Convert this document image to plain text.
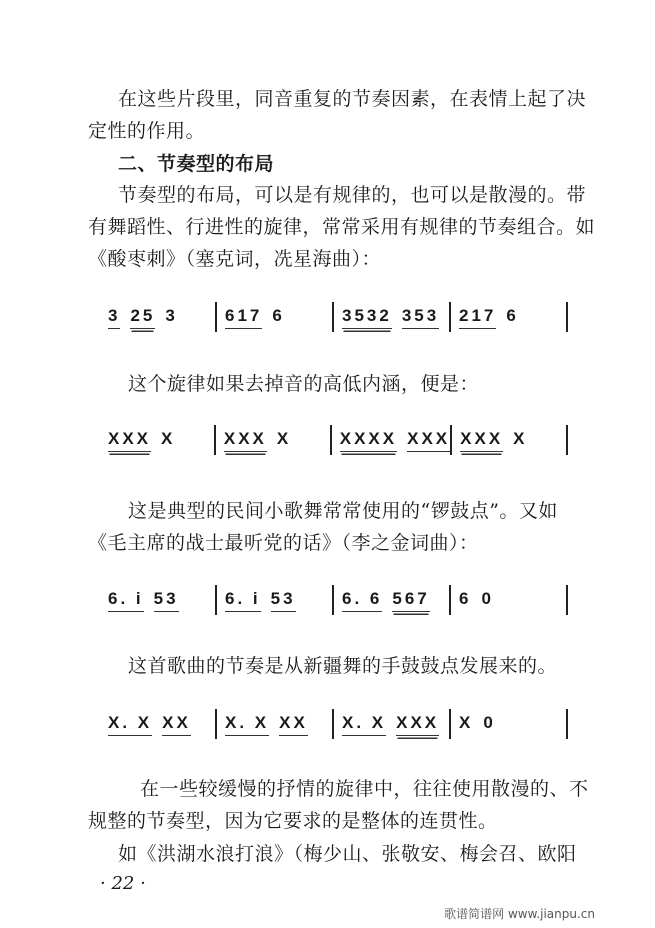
在这些片段里，同音重复的节奏因素，在表情上起了决
定性的作用。
二、节奏型的布局
节奏型的布局，可以是有规律的，也可以是散漫的。带
有舞蹈性、行进性的旋律，常常采用有规律的节奏组合。如
《酸枣刺》（塞克词，冼星海曲）：
3 25 3	617 6	3532 353 217 6
这个旋律如果去掉音的高低内涵，便是：
XXX X	XXX X	XXXX XXX XXX X
这是典型的民间小歌舞常常使用的“锣鼓点”。又如
《毛主席的战士最听党的话》（李之金词曲）：
6. i 53	6. i 53	6. 6 567 6 0
这首歌曲的节奏是从新疆舞的手鼓鼓点发展来的。
X. X XX X. X XX X. X XXX X 0
在一些较缓慢的抒情的旋律中，往往使用散漫的、不
规整的节奏型，因为它要求的是整体的连贯性。
如《洪湖水浪打浪》（梅少山、张敬安、梅会召、欧阳
· 22 ·
歌谱简谱网 www.jianpu.cn
